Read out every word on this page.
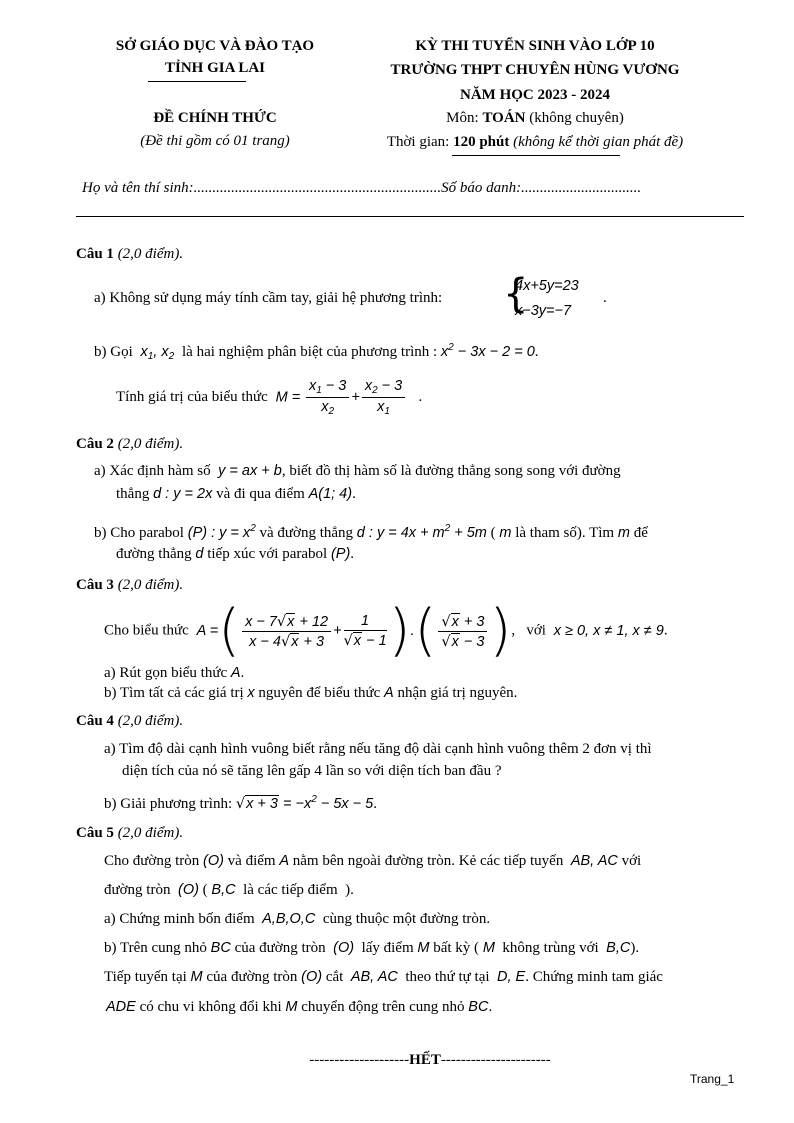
SỞ GIÁO DỤC VÀ ĐÀO TẠO
TỈNH GIA LAI
ĐỀ CHÍNH THỨC
(Đề thi gồm có 01 trang)
KỲ THI TUYỂN SINH VÀO LỚP 10
TRƯỜNG THPT CHUYÊN HÙNG VƯƠNG
NĂM HỌC 2023 - 2024
Môn: TOÁN (không chuyên)
Thời gian: 120 phút (không kể thời gian phát đề)
Họ và tên thí sinh:..................................................................Số báo danh:................................
Câu 1 (2,0 điểm).
a) Không sử dụng máy tính cầm tay, giải hệ phương trình: {
4x+5y=23
x−3y=−7
.
b) Gọi  $x_1$, $x_2$ là hai nghiệm phân biệt của phương trình : $x^2 - 3x - 2 = 0$.
Tính giá trị của biểu thức  $M = \frac{x_1 - 3}{x_2} + \frac{x_2 - 3}{x_1}$ .
Câu 2 (2,0 điểm).
a) Xác định hàm số y = ax + b, biết đồ thị hàm số là đường thẳng song song với đường
thẳng d : y = 2x và đi qua điểm A(1; 4).
b) Cho parabol (P) : $y = x^2$ và đường thẳng d : $y = 4x + m^2 + 5m$ ( m là tham số). Tìm m để
đường thẳng d tiếp xúc với parabol (P).
Câu 3 (2,0 điểm).
Cho biểu thức  A =( $\frac{x - 7√x + 12}{x - 4√x + 3} + \frac{1}{√x - 1}$ ).( $\frac{√x + 3}{√x - 3}$ ),   với  x ≥ 0, x ≠ 1, x ≠ 9.
a) Rút gọn biểu thức A.
b) Tìm tất cả các giá trị x nguyên để biểu thức A nhận giá trị nguyên.
Câu 4 (2,0 điểm).
a) Tìm độ dài cạnh hình vuông biết rằng nếu tăng độ dài cạnh hình vuông thêm 2 đơn vị thì
diện tích của nó sẽ tăng lên gấp 4 lần so với diện tích ban đầu ?
b) Giải phương trình: $√x + 3 = -x^2 - 5x - 5$.
Câu 5 (2,0 điểm).
Cho đường tròn (O) và điểm A nằm bên ngoài đường tròn. Kẻ các tiếp tuyến  AB, AC với
đường tròn  (O) ( B,C  là các tiếp điểm  ).
a) Chứng minh bốn điểm  A,B,O,C  cùng thuộc một đường tròn.
b) Trên cung nhỏ BC của đường tròn  (O)  lấy điểm M bất kỳ ( M  không trùng với  B,C).
Tiếp tuyến tại M của đường tròn (O) cắt  AB, AC  theo thứ tự tại  D, E. Chứng minh tam giác
ADE có chu vi không đổi khi M chuyển động trên cung nhỏ BC.
--------------------HẾT----------------------
Trang_1
